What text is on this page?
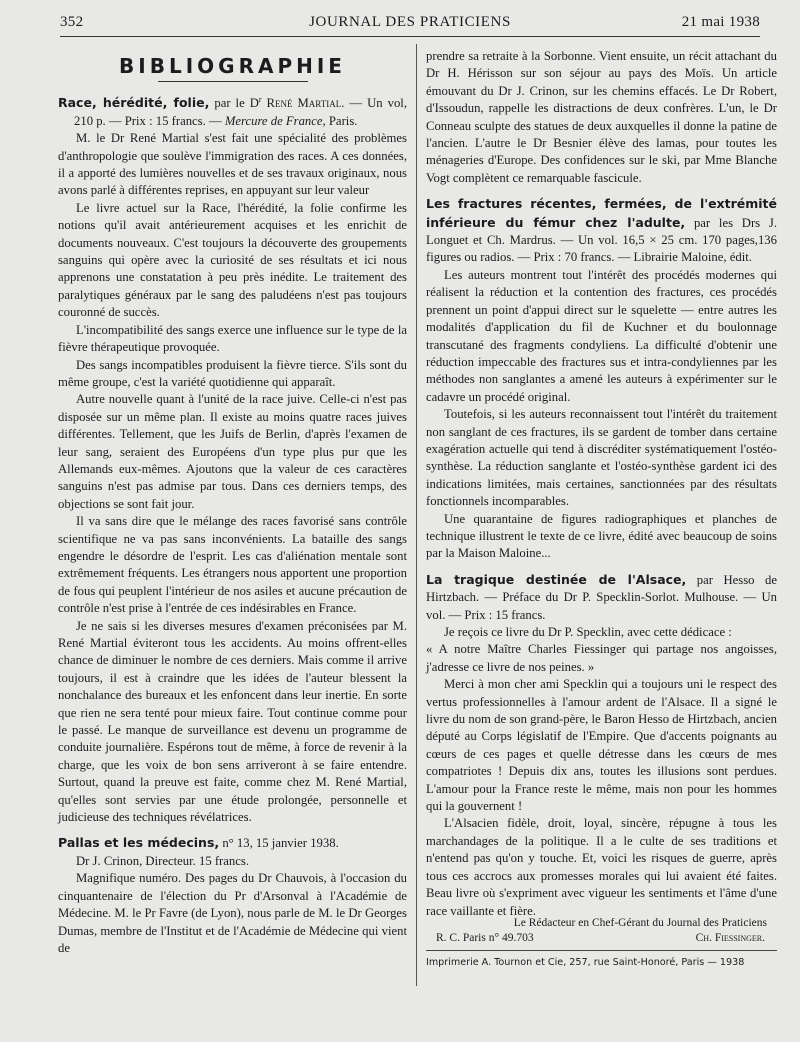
352	JOURNAL DES PRATICIENS	21 mai 1938
BIBLIOGRAPHIE

Race, hérédité, folie, par le $D^r$ René Martial. — Un vol, 210 p. — Prix : 15 francs. — Mercure de France, Paris.

M. le Dr René Martial s'est fait une spécialité des problèmes d'anthropologie que soulève l'immigration des races. A ces données, il a apporté des lumières nouvelles et de ses travaux originaux, nous avons parlé à différentes reprises, en appuyant sur leur valeur

Le livre actuel sur la Race, l'hérédité, la folie confirme les notions qu'il avait antérieurement acquises et les enrichit de documents nouveaux. C'est toujours la découverte des groupements sanguins qui opère avec la curiosité de ses résultats et ici nous apprenons une constatation à peu près inédite. Le traitement des paralytiques généraux par le sang des paludéens n'est pas toujours couronné de succès.

L'incompatibilité des sangs exerce une influence sur le type de la fièvre thérapeutique provoquée.

Des sangs incompatibles produisent la fièvre tierce. S'ils sont du même groupe, c'est la variété quotidienne qui apparaît.

Autre nouvelle quant à l'unité de la race juive. Celle-ci n'est pas disposée sur un même plan. Il existe au moins quatre races juives différentes. Tellement, que les Juifs de Berlin, d'après l'examen de leur sang, seraient des Européens d'un type plus pur que les Allemands eux-mêmes. Ajoutons que la valeur de ces caractères sanguins n'est pas admise par tous. Dans ces derniers temps, des objections se sont fait jour.

Il va sans dire que le mélange des races favorisé sans contrôle scientifique ne va pas sans inconvénients. La bataille des sangs engendre le désordre de l'esprit. Les cas d'aliénation mentale sont extrêmement fréquents. Les étrangers nous apportent une proportion de fous qui peuplent l'intérieur de nos asiles et aucune précaution de contrôle n'est prise à l'entrée de ces indésirables en France.

Je ne sais si les diverses mesures d'examen préconisées par M. René Martial éviteront tous les accidents. Au moins offrent-elles chance de diminuer le nombre de ces derniers. Mais comme il arrive toujours, il est à craindre que les idées de l'auteur blessent la nonchalance des bureaux et les enfoncent dans leur inertie. En sorte que rien ne sera tenté pour mieux faire. Tout continue comme pour le passé. Le manque de surveillance est devenu un programme de conduite journalière. Espérons tout de même, à force de revenir à la charge, que les voix de bon sens arriveront à se faire entendre. Surtout, quand la preuve est faite, comme chez M. René Martial, qu'elles sont servies par une étude prolongée, personnelle et judicieuse des techniques révélatrices.

Pallas et les médecins, n° 13, 15 janvier 1938.

Dr J. Crinon, Directeur. 15 francs.

Magnifique numéro. Des pages du Dr Chauvois, à l'occasion du cinquantenaire de l'élection du Pr d'Arsonval à l'Académie de Médecine. M. le Pr Favre (de Lyon), nous parle de M. le Dr Georges Dumas, membre de l'Institut et de l'Académie de Médecine qui vient de

prendre sa retraite à la Sorbonne. Vient ensuite, un récit attachant du Dr H. Hérisson sur son séjour au pays des Moïs. Un article émouvant du Dr J. Crinon, sur les chemins effacés. Le Dr Robert, d'Issoudun, rappelle les distractions de deux confrères. L'un, le Dr Conneau sculpte des statues de deux auxquelles il donne la patine de l'ancien. L'autre le Dr Besnier élève des lamas, pour toutes les ménageries d'Europe. Des confidences sur le ski, par Mme Blanche Vogt complètent ce remarquable fascicule.

Les fractures récentes, fermées, de l'extrémité inférieure du fémur chez l'adulte, par les Drs J. Longuet et Ch. Mardrus. — Un vol. 16,5 × 25 cm. 170 pages,136 figures ou radios. — Prix : 70 francs. — Librairie Maloine, édit.

Les auteurs montrent tout l'intérêt des procédés modernes qui réalisent la réduction et la contention des fractures, ces procédés prennent un point d'appui direct sur le squelette — entre autres les modalités d'application du fil de Kuchner et du boulonnage transcutané des fragments condyliens. La difficulté d'obtenir une réduction impeccable des fractures sus et intra-condyliennes par les méthodes non sanglantes a amené les auteurs à expérimenter sur le cadavre un procédé original.

Toutefois, si les auteurs reconnaissent tout l'intérêt du traitement non sanglant de ces fractures, ils se gardent de tomber dans certaine exagération actuelle qui tend à discréditer systématiquement l'ostéo-synthèse. La réduction sanglante et l'ostéo-synthèse gardent ici des indications limitées, mais certaines, sanctionnées par des résultats fonctionnels incomparables.

Une quarantaine de figures radiographiques et planches de technique illustrent le texte de ce livre, édité avec beaucoup de soins par la Maison Maloine...

La tragique destinée de l'Alsace, par Hesso de Hirtzbach. — Préface du Dr P. Specklin-Sorlot. Mulhouse. — Un vol. — Prix : 15 francs.

Je reçois ce livre du Dr P. Specklin, avec cette dédicace :

« A notre Maître Charles Fiessinger qui partage nos angoisses, j'adresse ce livre de nos peines. »

Merci à mon cher ami Specklin qui a toujours uni le respect des vertus professionnelles à l'amour ardent de l'Alsace. Il a signé le livre du nom de son grand-père, le Baron Hesso de Hirtzbach, ancien député au Corps législatif de l'Empire. Que d'accents poignants au cœurs de ces pages et quelle détresse dans les cœurs de mes compatriotes ! Depuis dix ans, toutes les illusions sont perdues. L'amour pour la France reste le même, mais non pour les hommes qui la gouvernent !

L'Alsacien fidèle, droit, loyal, sincère, répugne à tous les marchandages de la politique. Il a le culte de ses traditions et n'entend pas qu'on y touche. Et, voici les risques de guerre, après tous ces accrocs aux promesses morales qui lui avaient été faites. Beau livre où s'expriment avec vigueur les sentiments et l'âme d'une race vaillante et fière.

Le Rédacteur en Chef-Gérant du Journal des Praticiens
R. C. Paris n° 49.703	Ch. Fiessinger.
Imprimerie A. Tournon et Cie, 257, rue Saint-Honoré, Paris — 1938
